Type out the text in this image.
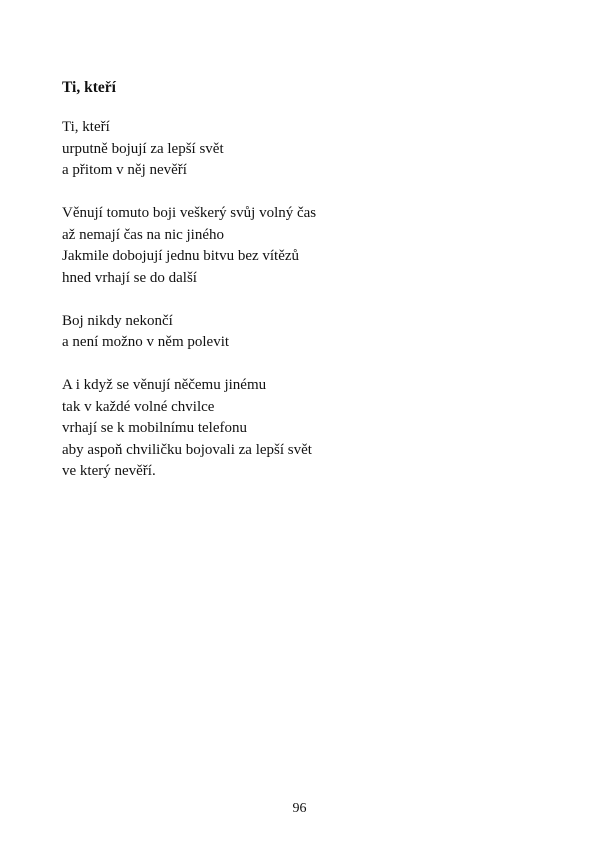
Ti, kteří
Ti, kteří
urputně bojují za lepší svět
a přitom v něj nevěří
Věnují tomuto boji veškerý svůj volný čas
až nemají čas na nic jiného
Jakmile dobojují jednu bitvu bez vítězů
hned vrhají se do další
Boj nikdy nekončí
a není možno v něm polevit
A i když se věnují něčemu jinému
tak v každé volné chvilce
vrhají se k mobilnímu telefonu
aby aspoň chviličku bojovali za lepší svět
ve který nevěří.
96
